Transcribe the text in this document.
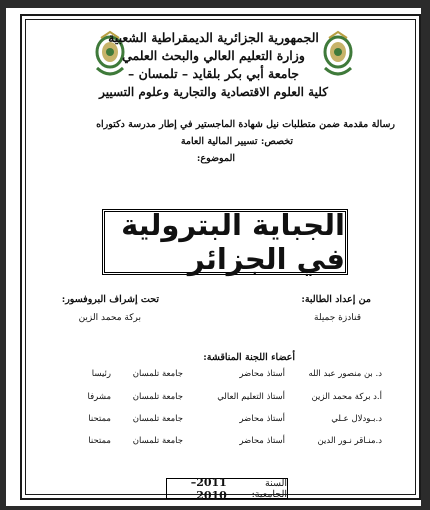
الجمهورية الجزائرية الديمقراطية الشعبية
وزارة التعليم العالي والبحث العلمي
جامعة أبي بكر بلقايد – تلمسان –
كلية العلوم الاقتصادية والتجارية وعلوم التسيير
رسالة مقدمة ضمن متطلبات نيل شهادة الماجستير في إطار مدرسة دكتوراه
تخصص: تسيير المالية العامة
الموضوع:
الجباية البترولية في الجزائر
من إعداد الطالبة:
قنادزة جميلة
تحت إشراف البروفسور:
بركة محمد الزين
أعضاء اللجنة المناقشة:
د. بن منصور عبد الله
أستاذ محاضر
جامعة تلمسان
رئيسا
أ.د بركة محمد الزين
أستاذ التعليم العالي
جامعة تلمسان
مشرفا
د.بـودلال عـلي
أستاذ محاضر
جامعة تلمسان
ممتحنا
د.منـاقر نـور الدين
أستاذ محاضر
جامعة تلمسان
ممتحنا
السنة الجامعية:
2011–2010
